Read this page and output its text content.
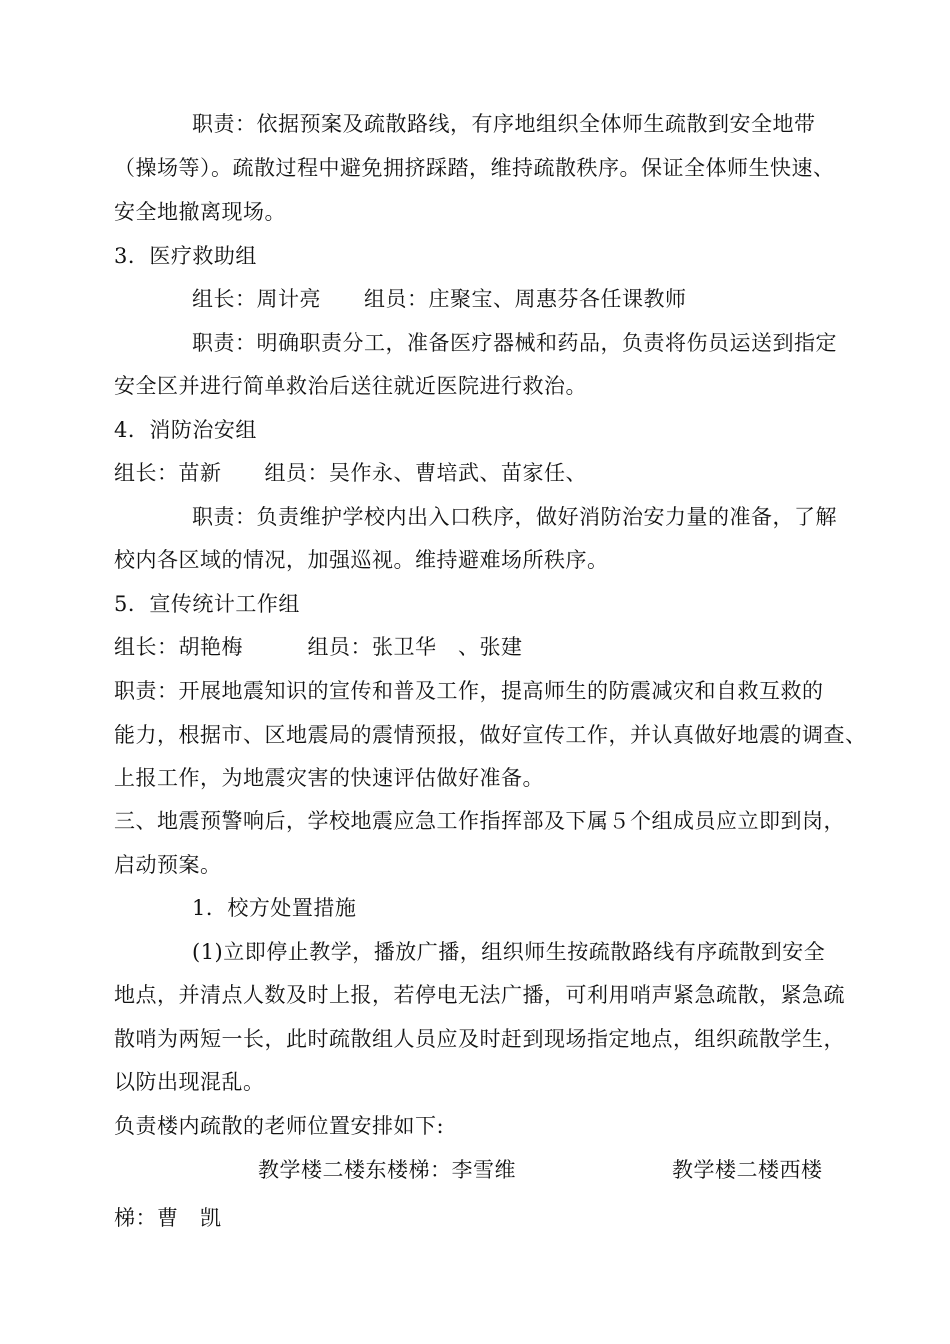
职责：依据预案及疏散路线，有序地组织全体师生疏散到安全地带
（操场等）。疏散过程中避免拥挤踩踏，维持疏散秩序。保证全体师生快速、
安全地撤离现场。
3．医疗救助组
组长：周计亮　　组员：庄聚宝、周惠芬各任课教师
职责：明确职责分工，准备医疗器械和药品，负责将伤员运送到指定
安全区并进行简单救治后送往就近医院进行救治。
4．消防治安组
组长：苗新　　组员：吴作永、曹培武、苗家任、
职责：负责维护学校内出入口秩序，做好消防治安力量的准备，了解
校内各区域的情况，加强巡视。维持避难场所秩序。
5．宣传统计工作组
组长：胡艳梅　　　组员：张卫华　、张建
职责：开展地震知识的宣传和普及工作，提高师生的防震减灾和自救互救的
能力，根据市、区地震局的震情预报，做好宣传工作，并认真做好地震的调查、
上报工作，为地震灾害的快速评估做好准备。
三、地震预警响后，学校地震应急工作指挥部及下属５个组成员应立即到岗，
启动预案。
1．校方处置措施
(1)立即停止教学，播放广播，组织师生按疏散路线有序疏散到安全
地点，并清点人数及时上报，若停电无法广播，可利用哨声紧急疏散，紧急疏
散哨为两短一长，此时疏散组人员应及时赶到现场指定地点，组织疏散学生，
以防出现混乱。
负责楼内疏散的老师位置安排如下:
教学楼二楼东楼梯：李雪维	教学楼二楼西楼
梯：曹　凯
